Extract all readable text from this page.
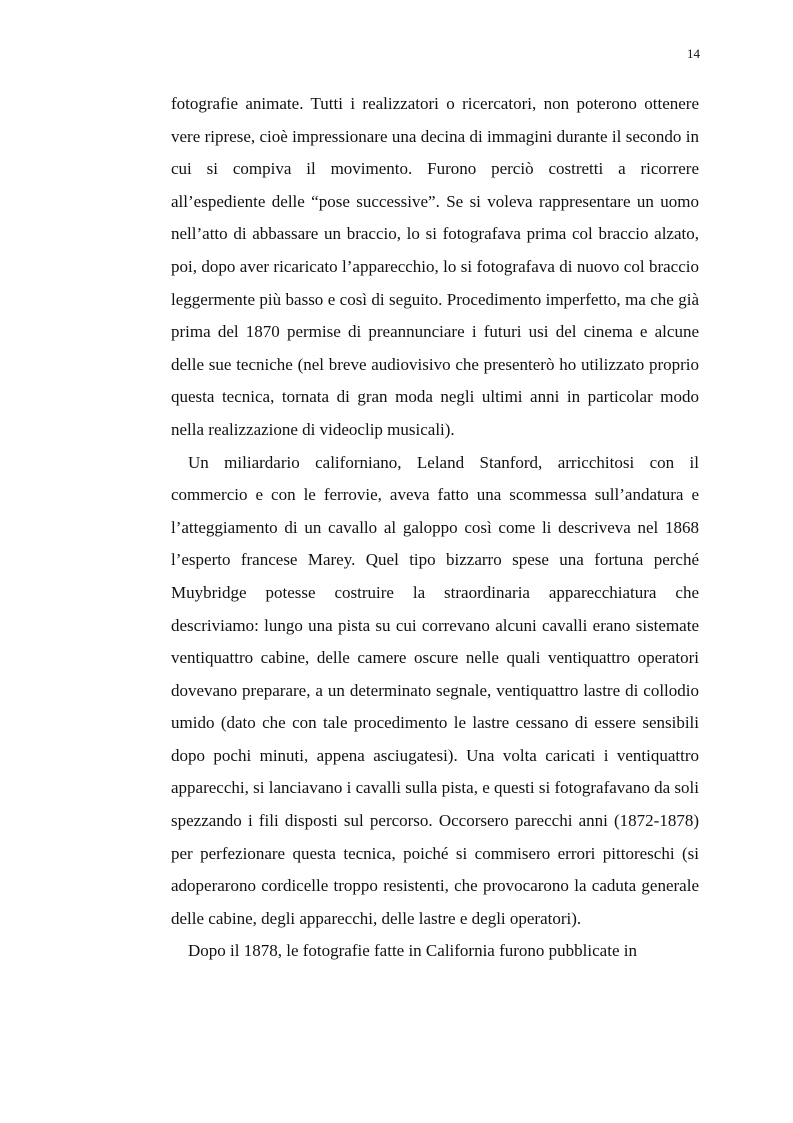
14

fotografie animate. Tutti i realizzatori o ricercatori, non poterono ottenere vere riprese, cioè impressionare una decina di immagini durante il secondo in cui si compiva il movimento. Furono perciò costretti a ricorrere all’espediente delle “pose successive”. Se si voleva rappresentare un uomo nell’atto di abbassare un braccio, lo si fotografava prima col braccio alzato, poi, dopo aver ricaricato l’apparecchio, lo si fotografava di nuovo col braccio leggermente più basso e così di seguito. Procedimento imperfetto, ma che già prima del 1870 permise di preannunciare i futuri usi del cinema e alcune delle sue tecniche (nel breve audiovisivo che presenterò ho utilizzato proprio questa tecnica, tornata di gran moda negli ultimi anni in particolar modo nella realizzazione di videoclip musicali).

Un miliardario californiano, Leland Stanford, arricchitosi con il commercio e con le ferrovie, aveva fatto una scommessa sull’andatura e l’atteggiamento di un cavallo al galoppo così come li descriveva nel 1868 l’esperto francese Marey. Quel tipo bizzarro spese una fortuna perché Muybridge potesse costruire la straordinaria apparecchiatura che descriviamo: lungo una pista su cui correvano alcuni cavalli erano sistemate ventiquattro cabine, delle camere oscure nelle quali ventiquattro operatori dovevano preparare, a un determinato segnale, ventiquattro lastre di collodio umido (dato che con tale procedimento le lastre cessano di essere sensibili dopo pochi minuti, appena asciugatesi). Una volta caricati i ventiquattro apparecchi, si lanciavano i cavalli sulla pista, e questi si fotografavano da soli spezzando i fili disposti sul percorso. Occorsero parecchi anni (1872-1878) per perfezionare questa tecnica, poiché si commisero errori pittoreschi (si adoperarono cordicelle troppo resistenti, che provocarono la caduta generale delle cabine, degli apparecchi, delle lastre e degli operatori).

Dopo il 1878, le fotografie fatte in California furono pubblicate in
